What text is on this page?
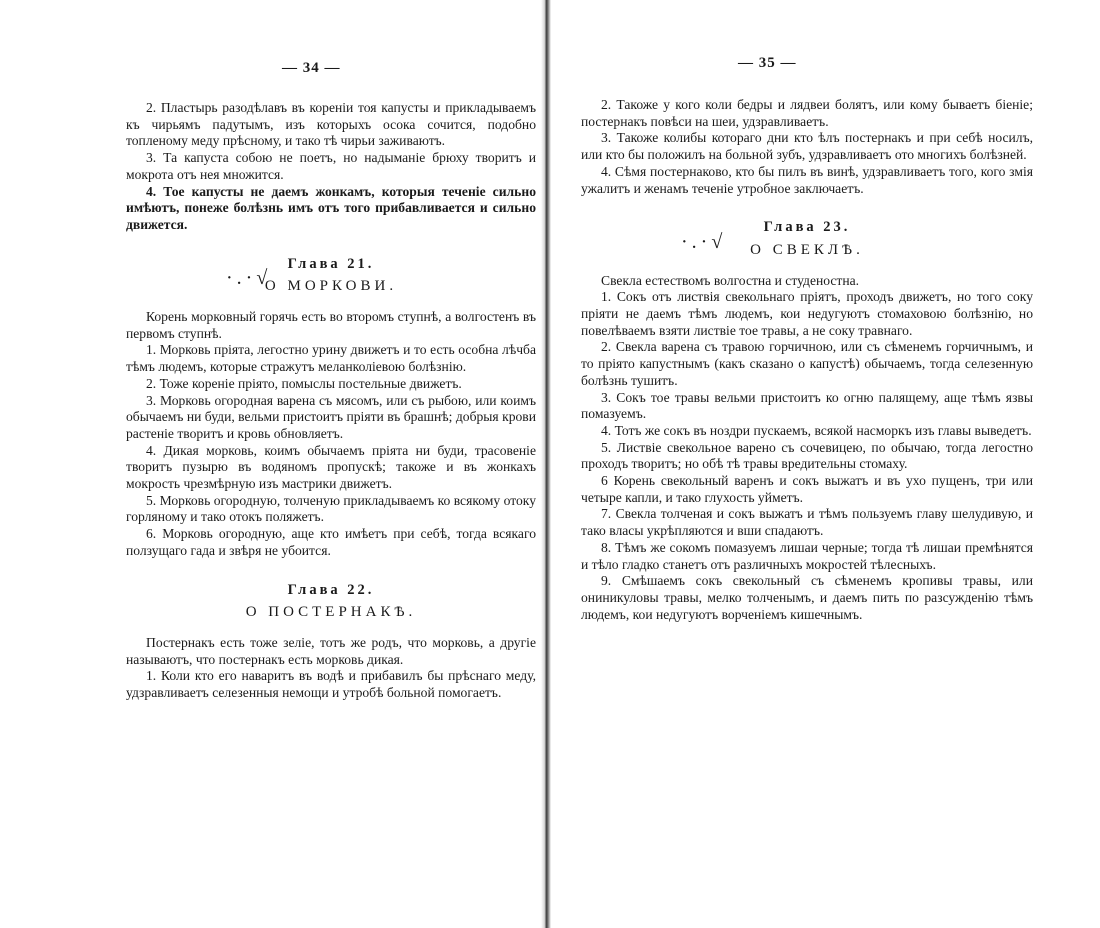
— 34 —

2. Пластырь разодѣлавъ въ кореніи тоя капусты и прикладываемъ къ чирьямъ падутымъ, изъ которыхъ осока сочится, подобно топленому меду прѣсному, и тако тѣ чирьи заживаютъ.

3. Та капуста собою не поетъ, но надыманіе брюху творитъ и мокрота отъ нея множится.

4. Тое капусты не даемъ жонкамъ, которыя теченіе сильно имѣютъ, понеже болѣзнь имъ отъ того прибавливается и сильно движется.

Глава 21.
·.·√
О МОРКОВИ.

Корень морковный горячь есть во второмъ ступнѣ, а волгостенъ въ первомъ ступнѣ.

1. Морковь пріята, легостно урину движетъ и то есть особна лѣчба тѣмъ людемъ, которые стражутъ меланколіевою болѣзнію.

2. Тоже кореніе пріято, помыслы постельные движетъ.

3. Морковь огородная варена съ мясомъ, или съ рыбою, или коимъ обычаемъ ни буди, вельми пристоитъ пріяти въ брашнѣ; добрыя крови растеніе творитъ и кровь обновляетъ.

4. Дикая морковь, коимъ обычаемъ пріята ни буди, трасовеніе творитъ пузырю въ водяномъ пропускѣ; такоже и въ жонкахъ мокрость чрезмѣрную изъ мастрики движетъ.

5. Морковь огородную, толченую прикладываемъ ко всякому отоку горляному и тако отокъ поляжетъ.

6. Морковь огородную, аще кто имѣетъ при себѣ, тогда всякаго ползущаго гада и звѣря не убоится.

Глава 22.
О ПОСТЕРНАКѢ.

Постернакъ есть тоже зеліе, тотъ же родъ, что морковь, а другіе называютъ, что постернакъ есть морковь дикая.

1. Коли кто его наваритъ въ водѣ и прибавилъ бы прѣснаго меду, удзравливаетъ селезенныя немощи и утробѣ больной помогаетъ.

— 35 —

2. Такоже у кого коли бедры и лядвеи болятъ, или кому бываетъ біеніе; постернакъ повѣси на шеи, удзравливаетъ.

3. Такоже колибы котораго дни кто ѣлъ постернакъ и при себѣ носилъ, или кто бы положилъ на больной зубъ, удзравливаетъ ото многихъ болѣзней.

4. Сѣмя постернаково, кто бы пилъ въ винѣ, удзравливаетъ того, кого змія ужалитъ и женамъ теченіе утробное заключаетъ.

Глава 23.
·.·√ О СВЕКЛѢ.

Свекла естествомъ волгостна и студеностна.

1. Сокъ отъ листвія свекольнаго пріятъ, проходъ движетъ, но того соку пріяти не даемъ тѣмъ людемъ, кои недугуютъ стомаховою болѣзнію, но повелѣваемъ взяти листвіе тое травы, а не соку травнаго.

2. Свекла варена съ травою горчичною, или съ сѣменемъ горчичнымъ, и то пріято капустнымъ (какъ сказано о капустѣ) обычаемъ, тогда селезенную болѣзнь тушитъ.

3. Сокъ тое травы вельми пристоитъ ко огню палящему, аще тѣмъ язвы помазуемъ.

4. Тотъ же сокъ въ ноздри пускаемъ, всякой насморкъ изъ главы выведетъ.

5. Листвіе свекольное варено съ сочевицею, по обычаю, тогда легостно проходъ творитъ; но обѣ тѣ травы вредительны стомаху.

6 Корень свекольный варенъ и сокъ выжатъ и въ ухо пущенъ, три или четыре капли, и тако глухость уйметъ.

7. Свекла толченая и сокъ выжатъ и тѣмъ пользуемъ главу шелудивую, и тако власы укрѣпляются и вши спадаютъ.

8. Тѣмъ же сокомъ помазуемъ лишаи черные; тогда тѣ лишаи премѣнятся и тѣло гладко станетъ отъ различныхъ мокростей тѣлесныхъ.

9. Смѣшаемъ сокъ свекольный съ сѣменемъ кропивы травы, или ониникуловы травы, мелко толченымъ, и даемъ пить по разсужденію тѣмъ людемъ, кои недугуютъ ворченіемъ кишечнымъ.
